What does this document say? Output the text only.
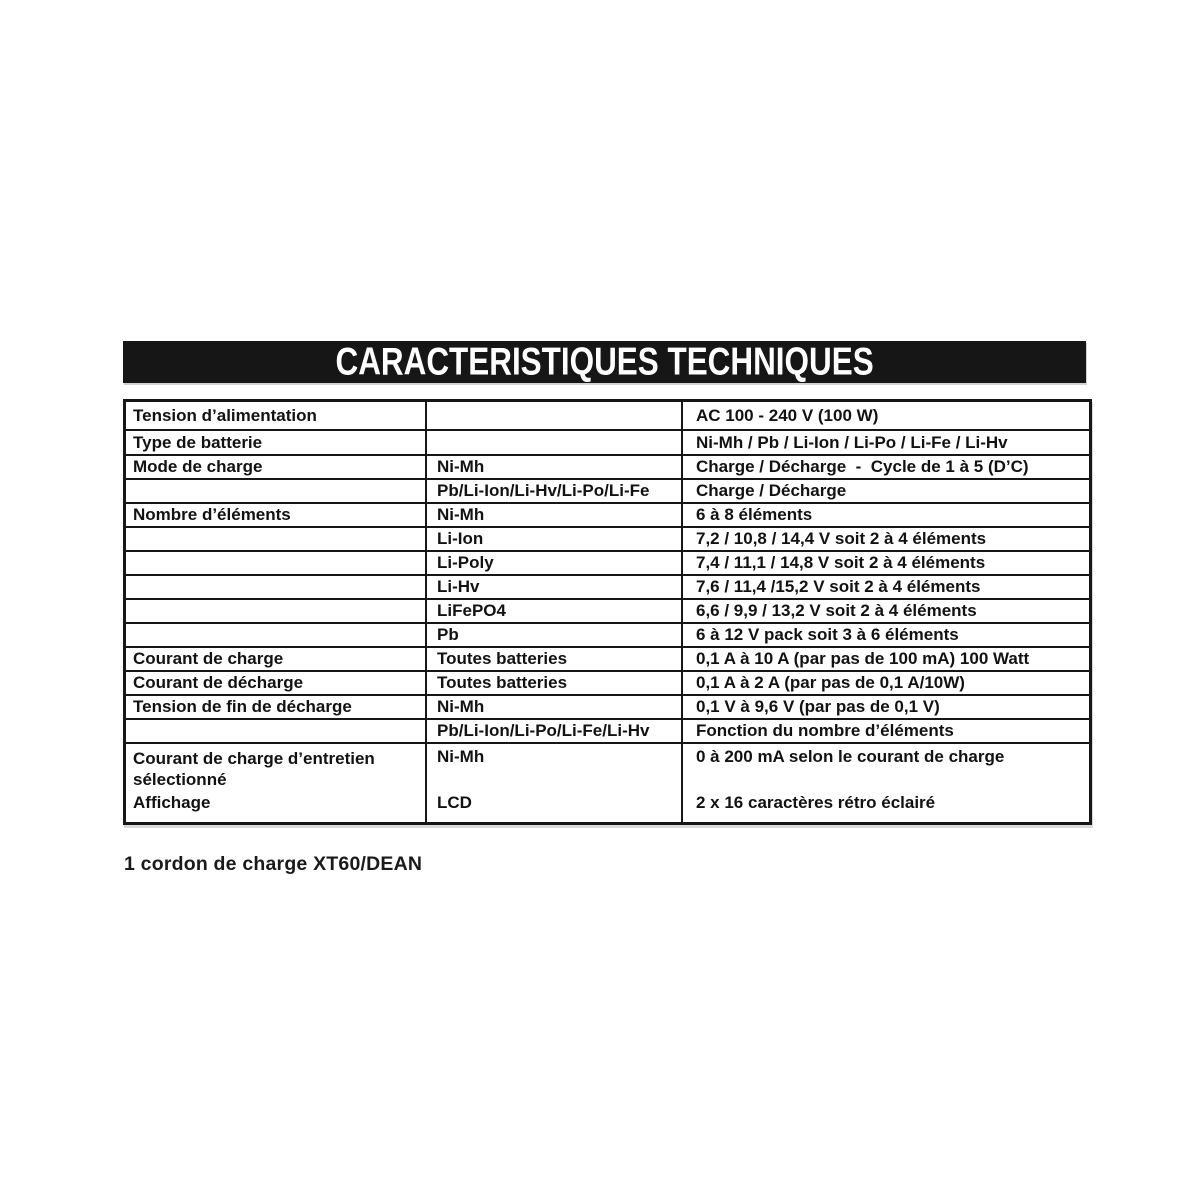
CARACTERISTIQUES TECHNIQUES
Tension d’alimentation		AC 100 - 240 V (100 W)
Type de batterie		Ni-Mh / Pb / Li-Ion / Li-Po / Li-Fe / Li-Hv
Mode de charge	Ni-Mh	Charge / Décharge  -  Cycle de 1 à 5 (D’C)
	Pb/Li-Ion/Li-Hv/Li-Po/Li-Fe	Charge / Décharge
Nombre d’éléments	Ni-Mh	6 à 8 éléments
	Li-Ion	7,2 / 10,8 / 14,4 V soit 2 à 4 éléments
	Li-Poly	7,4 / 11,1 / 14,8 V soit 2 à 4 éléments
	Li-Hv	7,6 / 11,4 /15,2 V soit 2 à 4 éléments
	LiFePO4	6,6 / 9,9 / 13,2 V soit 2 à 4 éléments
	Pb	6 à 12 V pack soit 3 à 6 éléments
Courant de charge	Toutes batteries	0,1 A à 10 A (par pas de 100 mA) 100 Watt
Courant de décharge	Toutes batteries	0,1 A à 2 A (par pas de 0,1 A/10W)
Tension de fin de décharge	Ni-Mh	0,1 V à 9,6 V (par pas de 0,1 V)
	Pb/Li-Ion/Li-Po/Li-Fe/Li-Hv	Fonction du nombre d’éléments
Courant de charge d’entretien sélectionné	Ni-Mh	0 à 200 mA selon le courant de charge
Affichage	LCD	2 x 16 caractères rétro éclairé

1 cordon de charge XT60/DEAN
